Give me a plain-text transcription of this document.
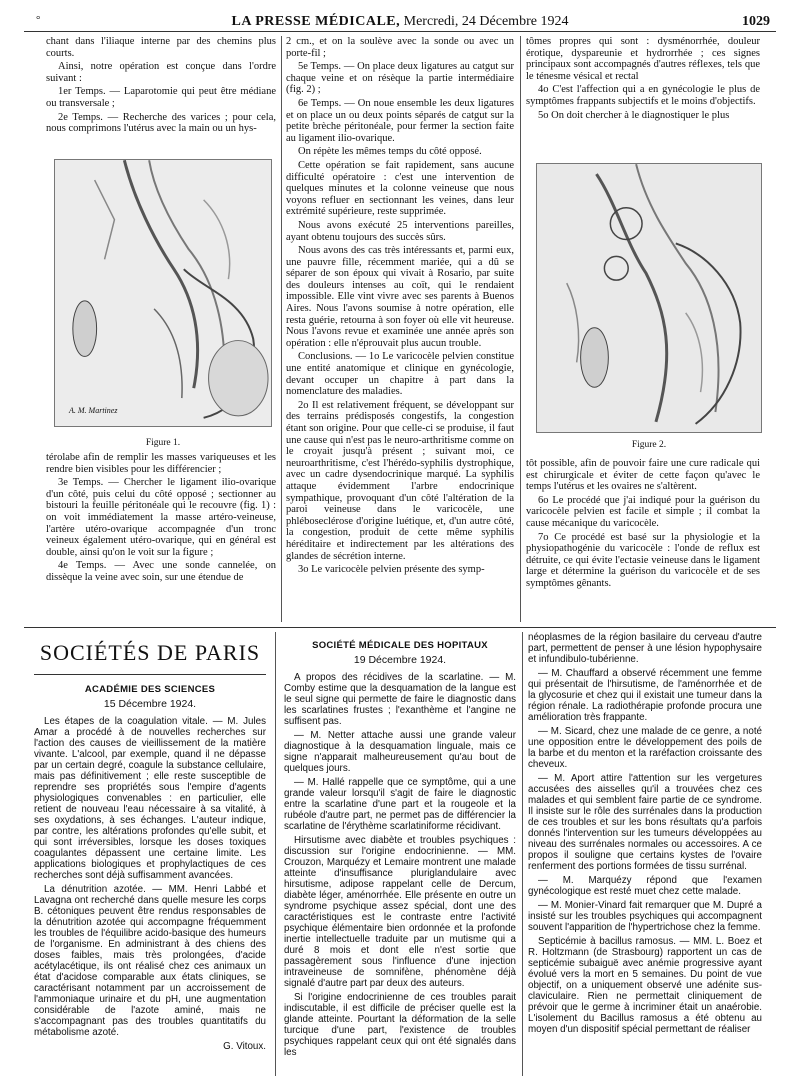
°	LA PRESSE MÉDICALE, Mercredi, 24 Décembre 1924	1029

chant dans l'iliaque interne par des chemins plus courts.

Ainsi, notre opération est conçue dans l'ordre suivant :

1er Temps. — Laparotomie qui peut être médiane ou transversale ;

2e Temps. — Recherche des varices ; pour cela, nous comprimons l'utérus avec la main ou un hys-

A. M. Martinez
Figure 1.

térolabe afin de remplir les masses variqueuses et les rendre bien visibles pour les différencier ;

3e Temps. — Chercher le ligament ilio-ovarique d'un côté, puis celui du côté opposé ; sectionner au bistouri la feuille péritonéale qui le recouvre (fig. 1) : on voit immédiatement la masse artéro-veineuse, l'artère utéro-ovarique accompagnée d'un tronc veineux également utéro-ovarique, qui en général est double, ainsi qu'on le voit sur la figure ;

4e Temps. — Avec une sonde cannelée, on dissèque la veine avec soin, sur une étendue de

2 cm., et on la soulève avec la sonde ou avec un porte-fil ;

5e Temps. — On place deux ligatures au catgut sur chaque veine et on résèque la partie intermédiaire (fig. 2) ;

6e Temps. — On noue ensemble les deux ligatures et on place un ou deux points séparés de catgut sur la petite brèche péritonéale, pour fermer la section faite au ligament ilio-ovarique.

On répète les mêmes temps du côté opposé.

Cette opération se fait rapidement, sans aucune difficulté opératoire : c'est une intervention de quelques minutes et la colonne veineuse que nous voyons refluer en sectionnant les veines, dans leur extrémité supérieure, reste supprimée.

Nous avons exécuté 25 interventions pareilles, ayant obtenu toujours des succès sûrs.

Nous avons des cas très intéressants et, parmi eux, une pauvre fille, récemment mariée, qui a dû se séparer de son époux qui vivait à Rosario, par suite des douleurs intenses au coït, qui le rendaient impossible. Elle vint vivre avec ses parents à Buenos Aires. Nous l'avons soumise à notre opération, elle resta guérie, retourna à son foyer où elle vit heureuse. Nous l'avons revue et examinée une année après son opération : elle n'éprouvait plus aucun trouble.

Conclusions. — 1o Le varicocèle pelvien constitue une entité anatomique et clinique en gynécologie, devant occuper un chapitre à part dans la nomenclature des maladies.

2o Il est relativement fréquent, se développant sur des terrains prédisposés congestifs, la congestion étant son origine. Pour que celle-ci se produise, il faut une cause qui n'est pas le neuro-arthritisme comme on le croyait jusqu'à présent ; suivant moi, ce neuroarthritisme, c'est l'hérédo-syphilis dystrophique, avec un cadre dysendocrinique marqué. La syphilis attaque évidemment l'arbre endocrinique sympathique, provoquant d'un côté l'altération de la paroi veineuse dans le varicocèle, une phléboseclérose d'origine luétique, et, d'un autre côté, la congestion, produit de cette même syphilis héréditaire et indirectement par les altérations des glandes de sécrétion interne.

3o Le varicocèle pelvien présente des symp-

tômes propres qui sont : dysménorrhée, douleur érotique, dyspareunie et hydrorrhée ; ces signes principaux sont accompagnés d'autres réflexes, tels que le ténesme vésical et rectal

4o C'est l'affection qui a en gynécologie le plus de symptômes frappants subjectifs et le moins d'objectifs.

5o On doit chercher à le diagnostiquer le plus

Figure 2.

tôt possible, afin de pouvoir faire une cure radicale qui est chirurgicale et éviter de cette façon qu'avec le temps l'utérus et les ovaires ne s'altèrent.

6o Le procédé que j'ai indiqué pour la guérison du varicocèle pelvien est facile et simple ; il combat la cause mécanique du varicocèle.

7o Ce procédé est basé sur la physiologie et la physiopathogénie du varicocèle : l'onde de reflux est détruite, ce qui évite l'ectasie veineuse dans le ligament large et détermine la guérison du varicocèle et de ses symptômes gênants.

SOCIÉTÉS DE PARIS
ACADÉMIE DES SCIENCES
15 Décembre 1924.

Les étapes de la coagulation vitale. — M. Jules Amar a procédé à de nouvelles recherches sur l'action des causes de vieillissement de la matière vivante. L'alcool, par exemple, quand il ne dépasse par un certain degré, coagule la substance cellulaire, mais pas définitivement ; elle reste susceptible de reprendre ses propriétés sous l'empire d'agents physiologiques convenables : en particulier, elle retient de nouveau l'eau nécessaire à sa vitalité, à ses oxydations, à ses échanges. L'auteur indique, par contre, les altérations profondes qu'elle subit, et qui sont irréversibles, lorsque les doses toxiques coagulantes dépassent une certaine limite. Les applications biologiques et prophylactiques de ces recherches sont déjà suffisamment avancées.

La dénutrition azotée. — MM. Henri Labbé et Lavagna ont recherché dans quelle mesure les corps B. cétoniques peuvent être rendus responsables de la dénutrition azotée qui accompagne fréquemment les troubles de l'équilibre acido-basique des humeurs de l'organisme. En administrant à des chiens des doses faibles, mais très prolongées, d'acide acétylacétique, ils ont réalisé chez ces animaux un état d'acidose comparable aux états cliniques, se caractérisant notamment par un accroissement de l'ammoniaque urinaire et du pH, une augmentation considérable de l'azote aminé, mais ne s'accompagnant pas des troubles quantitatifs du métabolisme azoté.

G. Vitoux.
SOCIÉTÉ MÉDICALE DES HOPITAUX
19 Décembre 1924.

A propos des récidives de la scarlatine. — M. Comby estime que la desquamation de la langue est le seul signe qui permette de faire le diagnostic dans les scarlatines frustes ; l'exanthème et l'angine ne suffisent pas.

— M. Netter attache aussi une grande valeur diagnostique à la desquamation linguale, mais ce signe n'apparait malheureusement qu'au bout de quelques jours.

— M. Hallé rappelle que ce symptôme, qui a une grande valeur lorsqu'il s'agit de faire le diagnostic entre la scarlatine d'une part et la rougeole et la rubéole d'autre part, ne permet pas de différencier la scarlatine de l'érythème scarlatiniforme récidivant.

Hirsutisme avec diabète et troubles psychiques : discussion sur l'origine endocrinienne. — MM. Crouzon, Marquézy et Lemaire montrent une malade atteinte d'insuffisance pluriglandulaire avec hirsutisme, adipose rappelant celle de Dercum, diabète léger, aménorrhée. Elle présente en outre un syndrome psychique assez spécial, dont une des caractéristiques est le contraste entre l'activité psychique élémentaire bien ordonnée et la profonde inertie intellectuelle traduite par un mutisme qui a duré 8 mois et dont elle n'est sortie que passagèrement sous l'influence d'une injection intraveineuse de somnifène, phénomène déjà signalé d'autre part par deux des auteurs.

Si l'origine endocrinienne de ces troubles parait indiscutable, il est difficile de préciser quelle est la glande atteinte. Pourtant la déformation de la selle turcique d'une part, l'existence de troubles psychiques rappelant ceux qui ont été signalés dans les

néoplasmes de la région basilaire du cerveau d'autre part, permettent de penser à une lésion hypophysaire et infundibulo-tubérienne.

— M. Chauffard a observé récemment une femme qui présentait de l'hirsutisme, de l'aménorrhée et de la glycosurie et chez qui il existait une tumeur dans la région rénale. La radiothérapie profonde procura une amélioration très frappante.

— M. Sicard, chez une malade de ce genre, a noté une opposition entre le développement des poils de la barbe et du menton et la raréfaction croissante des cheveux.

— M. Aport attire l'attention sur les vergetures accusées des aisselles qu'il a trouvées chez ces malades et qui semblent faire partie de ce syndrome. Il insiste sur le rôle des surrénales dans la production de ces troubles et sur les bons résultats qu'a parfois donnés l'intervention sur les tumeurs développées au niveau des surrénales normales ou accessoires. A ce propos il souligne que certains kystes de l'ovaire renferment des portions formées de tissu surrénal.

— M. Marquézy répond que l'examen gynécologique est resté muet chez cette malade.

— M. Monier-Vinard fait remarquer que M. Dupré a insisté sur les troubles psychiques qui accompagnent souvent l'apparition de l'hypertrichose chez la femme.

Septicémie à bacillus ramosus. — MM. L. Boez et R. Holtzmann (de Strasbourg) rapportent un cas de septicémie subaiguë avec anémie progressive ayant évolué vers la mort en 5 semaines. Du point de vue objectif, on a uniquement observé une adénite sus-claviculaire. Rien ne permettait cliniquement de prévoir que le germe à incriminer était un anaérobie. L'isolement du Bacillus ramosus a été obtenu au moyen d'un dispositif spécial permettant de réaliser
